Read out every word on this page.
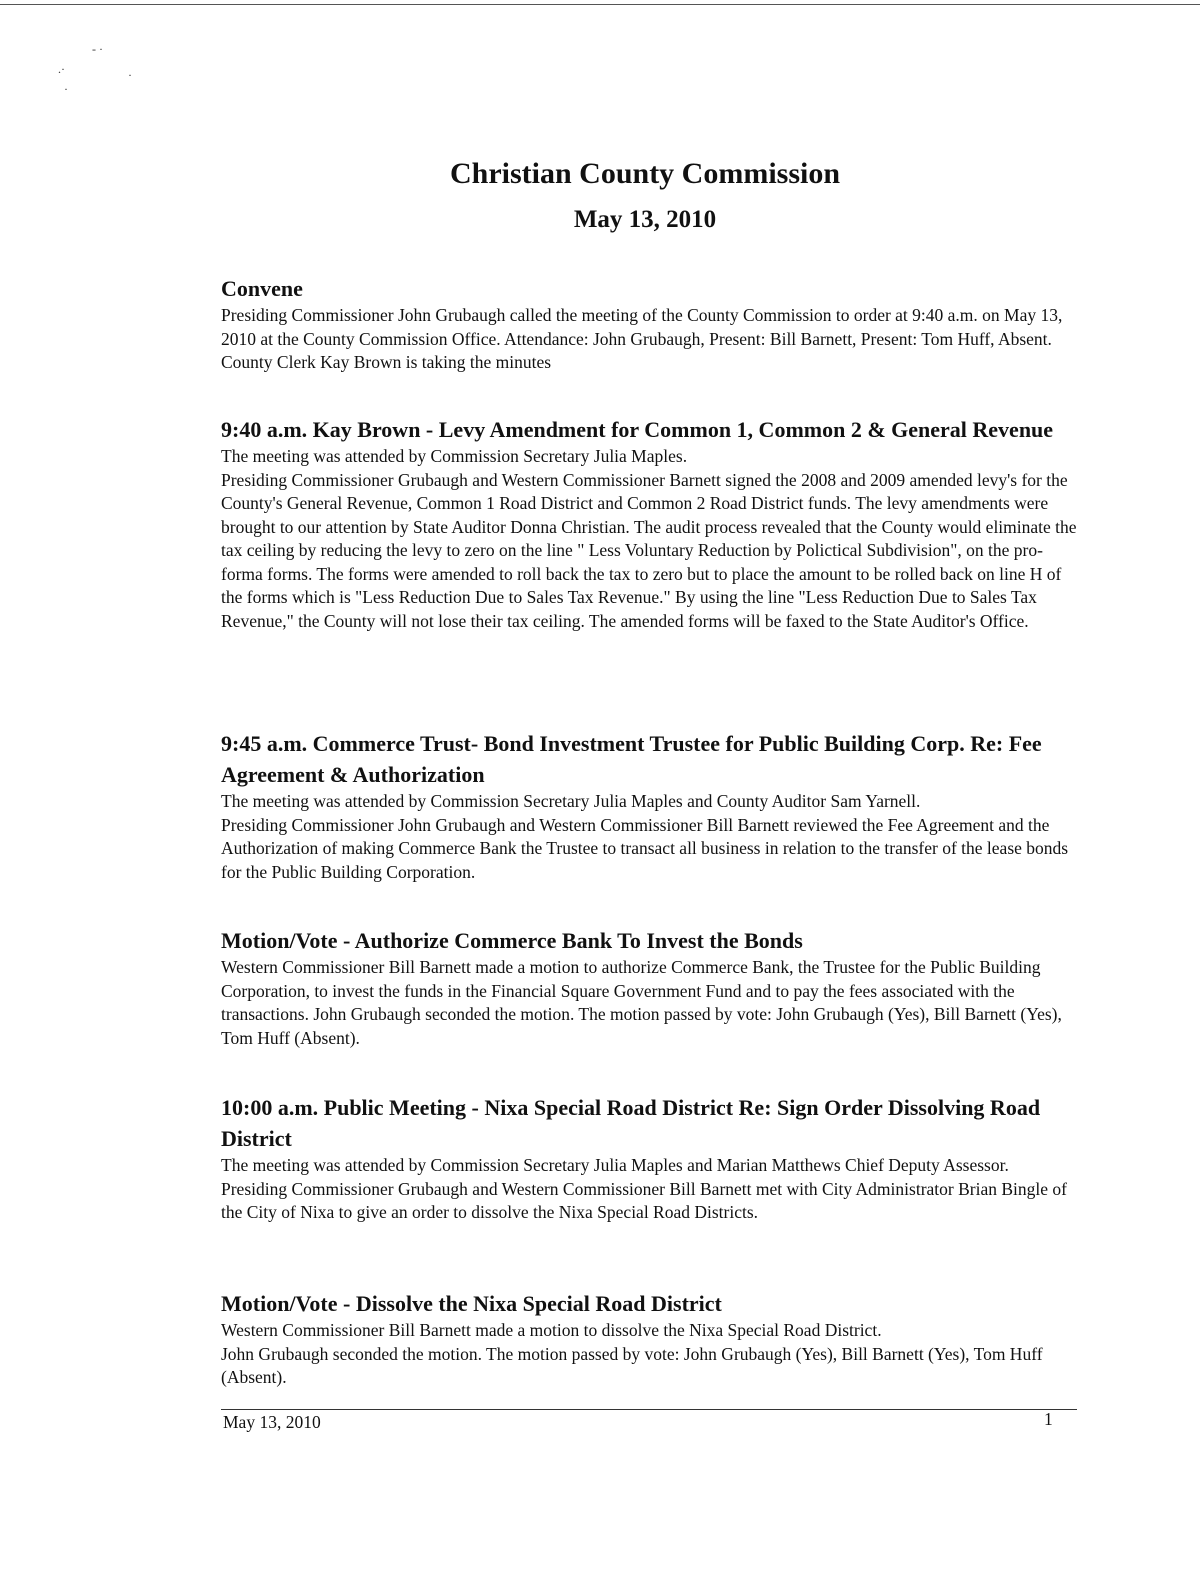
.·
- ·
·
·
Christian County Commission
May 13, 2010
Convene

Presiding Commissioner John Grubaugh called the meeting of the County Commission to order at 9:40 a.m. on May 13, 2010 at the County Commission Office. Attendance: John Grubaugh, Present: Bill Barnett, Present: Tom Huff, Absent. County Clerk Kay Brown is taking the minutes

9:40 a.m. Kay Brown - Levy Amendment for Common 1, Common 2 & General Revenue

The meeting was attended by Commission Secretary Julia Maples.

Presiding Commissioner Grubaugh and Western Commissioner Barnett signed the 2008 and 2009 amended levy's for the County's General Revenue, Common 1 Road District and Common 2 Road District funds. The levy amendments were brought to our attention by State Auditor Donna Christian. The audit process revealed that the County would eliminate the tax ceiling by reducing the levy to zero on the line " Less Voluntary Reduction by Polictical Subdivision", on the pro-forma forms. The forms were amended to roll back the tax to zero but to place the amount to be rolled back on line H of the forms which is "Less Reduction Due to Sales Tax Revenue." By using the line "Less Reduction Due to Sales Tax Revenue," the County will not lose their tax ceiling. The amended forms will be faxed to the State Auditor's Office.

9:45 a.m. Commerce Trust- Bond Investment Trustee for Public Building Corp. Re: Fee Agreement & Authorization

The meeting was attended by Commission Secretary Julia Maples and County Auditor Sam Yarnell.

Presiding Commissioner John Grubaugh and Western Commissioner Bill Barnett reviewed the Fee Agreement and the Authorization of making Commerce Bank the Trustee to transact all business in relation to the transfer of the lease bonds for the Public Building Corporation.

Motion/Vote - Authorize Commerce Bank To Invest the Bonds

Western Commissioner Bill Barnett made a motion to authorize Commerce Bank, the Trustee for the Public Building Corporation, to invest the funds in the Financial Square Government Fund and to pay the fees associated with the transactions. John Grubaugh seconded the motion. The motion passed by vote: John Grubaugh (Yes), Bill Barnett (Yes), Tom Huff (Absent).

10:00 a.m. Public Meeting - Nixa Special Road District Re: Sign Order Dissolving Road District

The meeting was attended by Commission Secretary Julia Maples and Marian Matthews Chief Deputy Assessor.

Presiding Commissioner Grubaugh and Western Commissioner Bill Barnett met with City Administrator Brian Bingle of the City of Nixa to give an order to dissolve the Nixa Special Road Districts.

Motion/Vote - Dissolve the Nixa Special Road District

Western Commissioner Bill Barnett made a motion to dissolve the Nixa Special Road District.

John Grubaugh seconded the motion. The motion passed by vote: John Grubaugh (Yes), Bill Barnett (Yes), Tom Huff (Absent).

May 13, 2010	1
